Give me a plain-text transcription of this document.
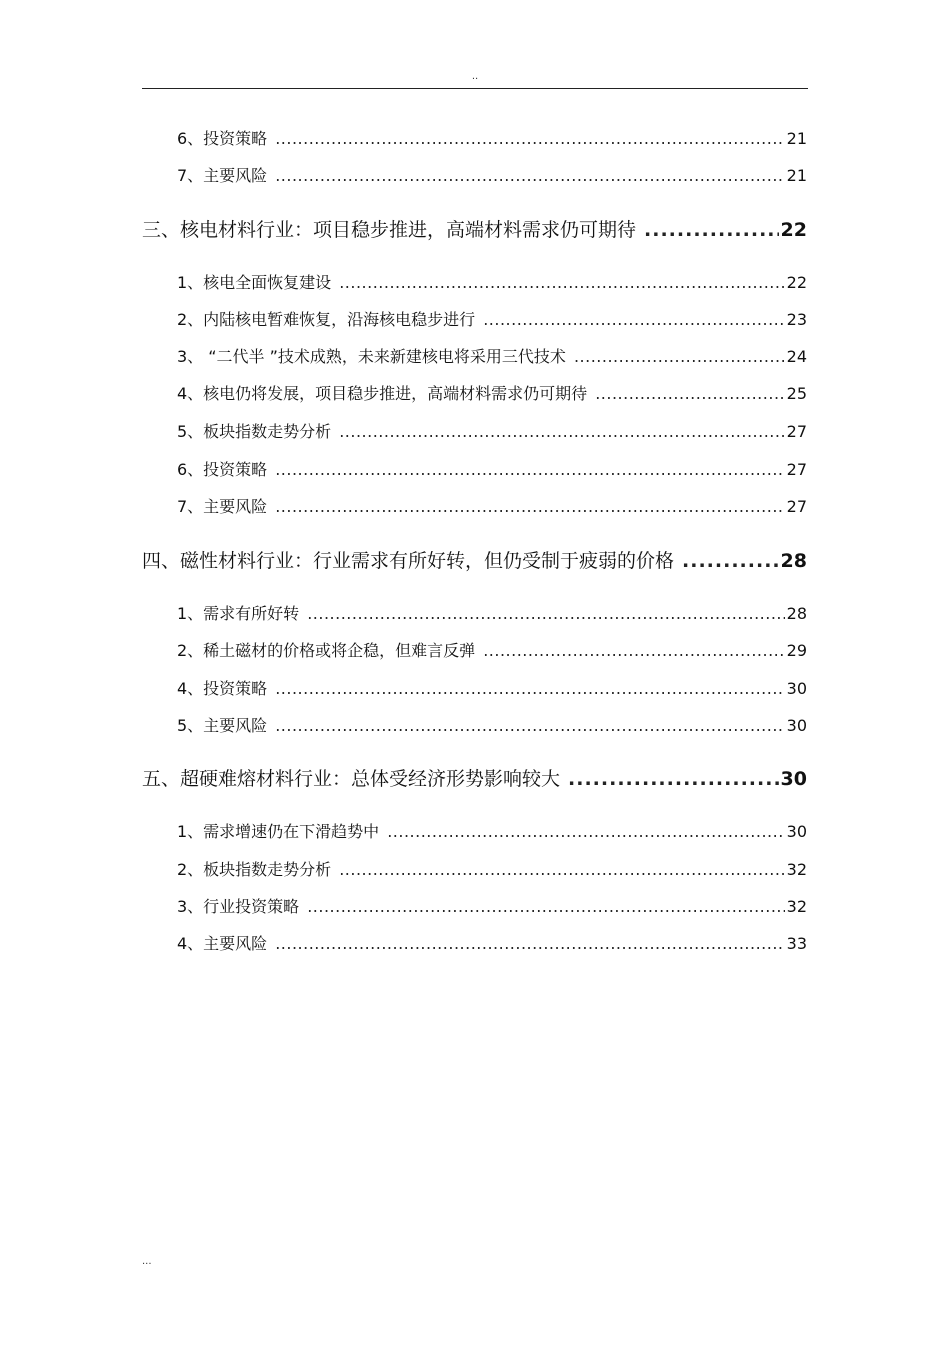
..
6、投资策略 .....	21
7、主要风险 .....	21
三、核电材料行业：项目稳步推进，高端材料需求仍可期待 .....	22
1、核电全面恢复建设 .....	22
2、内陆核电暂难恢复，沿海核电稳步进行 .....	23
3、 “二代半 ”技术成熟，未来新建核电将采用三代技术 .....	24
4、核电仍将发展，项目稳步推进，高端材料需求仍可期待 .....	25
5、板块指数走势分析 .....	27
6、投资策略 .....	27
7、主要风险 .....	27
四、磁性材料行业：行业需求有所好转，但仍受制于疲弱的价格 .....	28
1、需求有所好转 .....	28
2、稀土磁材的价格或将企稳，但难言反弹 .....	29
4、投资策略 .....	30
5、主要风险 .....	30
五、超硬难熔材料行业：总体受经济形势影响较大 .....	30
1、需求增速仍在下滑趋势中 .....	30
2、板块指数走势分析 .....	32
3、行业投资策略 .....	32
4、主要风险 .....	33
...
